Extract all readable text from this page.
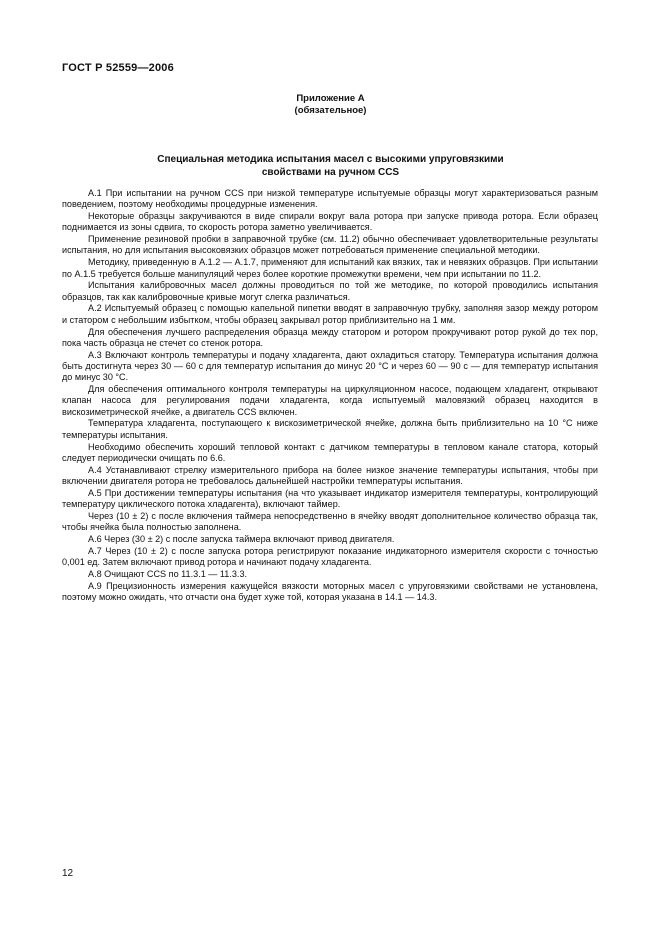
ГОСТ Р 52559—2006
Приложение А
(обязательное)
Специальная методика испытания масел с высокими упруговязкими
свойствами на ручном CCS

А.1 При испытании на ручном CCS при низкой температуре испытуемые образцы могут характеризоваться разным поведением, поэтому необходимы процедурные изменения.

Некоторые образцы закручиваются в виде спирали вокруг вала ротора при запуске привода ротора. Если образец поднимается из зоны сдвига, то скорость ротора заметно увеличивается.

Применение резиновой пробки в заправочной трубке (см. 11.2) обычно обеспечивает удовлетворительные результаты испытания, но для испытания высоковязких образцов может потребоваться применение специальной методики.

Методику, приведенную в А.1.2 — А.1.7, применяют для испытаний как вязких, так и невязких образцов. При испытании по А.1.5 требуется больше манипуляций через более короткие промежутки времени, чем при испытании по 11.2.

Испытания калибровочных масел должны проводиться по той же методике, по которой проводились испытания образцов, так как калибровочные кривые могут слегка различаться.

А.2 Испытуемый образец с помощью капельной пипетки вводят в заправочную трубку, заполняя зазор между ротором и статором с небольшим избытком, чтобы образец закрывал ротор приблизительно на 1 мм.

Для обеспечения лучшего распределения образца между статором и ротором прокручивают ротор рукой до тех пор, пока часть образца не стечет со стенок ротора.

А.3 Включают контроль температуры и подачу хладагента, дают охладиться статору. Температура испытания должна быть достигнута через 30 — 60 с для температур испытания до минус 20 °С и через 60 — 90 с — для температур испытания до минус 30 °С.

Для обеспечения оптимального контроля температуры на циркуляционном насосе, подающем хладагент, открывают клапан насоса для регулирования подачи хладагента, когда испытуемый маловязкий образец находится в вискозиметрической ячейке, а двигатель CCS включен.

Температура хладагента, поступающего к вискозиметрической ячейке, должна быть приблизительно на 10 °С ниже температуры испытания.

Необходимо обеспечить хороший тепловой контакт с датчиком температуры в тепловом канале статора, который следует периодически очищать по 6.6.

А.4 Устанавливают стрелку измерительного прибора на более низкое значение температуры испытания, чтобы при включении двигателя ротора не требовалось дальнейшей настройки температуры испытания.

А.5 При достижении температуры испытания (на что указывает индикатор измерителя температуры, контролирующий температуру циклического потока хладагента), включают таймер.

Через (10 ± 2) с после включения таймера непосредственно в ячейку вводят дополнительное количество образца так, чтобы ячейка была полностью заполнена.

А.6 Через (30 ± 2) с после запуска таймера включают привод двигателя.

А.7 Через (10 ± 2) с после запуска ротора регистрируют показание индикаторного измерителя скорости с точностью 0,001 ед. Затем включают привод ротора и начинают подачу хладагента.

А.8 Очищают CCS по 11.3.1 — 11.3.3.

А.9 Прецизионность измерения кажущейся вязкости моторных масел с упруговязкими свойствами не установлена, поэтому можно ожидать, что отчасти она будет хуже той, которая указана в 14.1 — 14.3.

12
